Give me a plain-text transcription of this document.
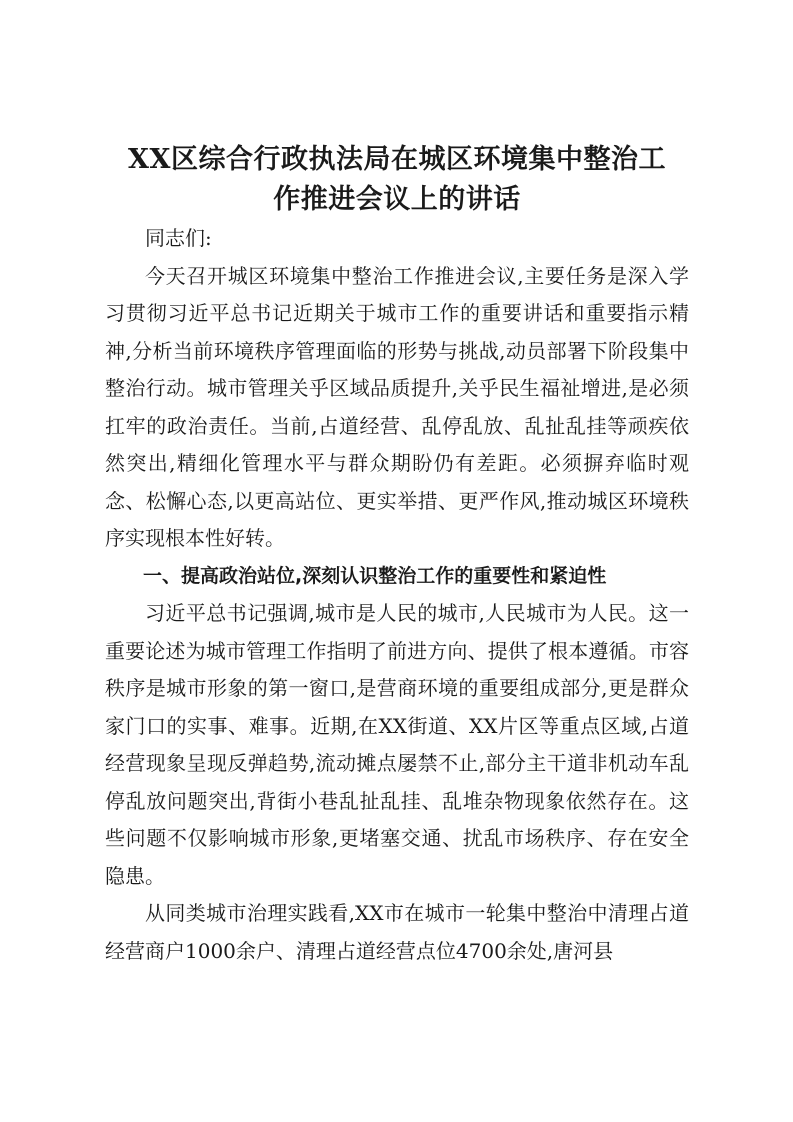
XX区综合行政执法局在城区环境集中整治工
作推进会议上的讲话

同志们:

今天召开城区环境集中整治工作推进会议,主要任务是深入学习贯彻习近平总书记近期关于城市工作的重要讲话和重要指示精神,分析当前环境秩序管理面临的形势与挑战,动员部署下阶段集中整治行动。城市管理关乎区域品质提升,关乎民生福祉增进,是必须扛牢的政治责任。当前,占道经营、乱停乱放、乱扯乱挂等顽疾依然突出,精细化管理水平与群众期盼仍有差距。必须摒弃临时观念、松懈心态,以更高站位、更实举措、更严作风,推动城区环境秩序实现根本性好转。

一、提高政治站位,深刻认识整治工作的重要性和紧迫性

习近平总书记强调,城市是人民的城市,人民城市为人民。这一重要论述为城市管理工作指明了前进方向、提供了根本遵循。市容秩序是城市形象的第一窗口,是营商环境的重要组成部分,更是群众家门口的实事、难事。近期,在XX街道、XX片区等重点区域,占道经营现象呈现反弹趋势,流动摊点屡禁不止,部分主干道非机动车乱停乱放问题突出,背街小巷乱扯乱挂、乱堆杂物现象依然存在。这些问题不仅影响城市形象,更堵塞交通、扰乱市场秩序、存在安全隐患。

从同类城市治理实践看,XX市在城市一轮集中整治中清理占道经营商户1000余户、清理占道经营点位4700余处,唐河县
